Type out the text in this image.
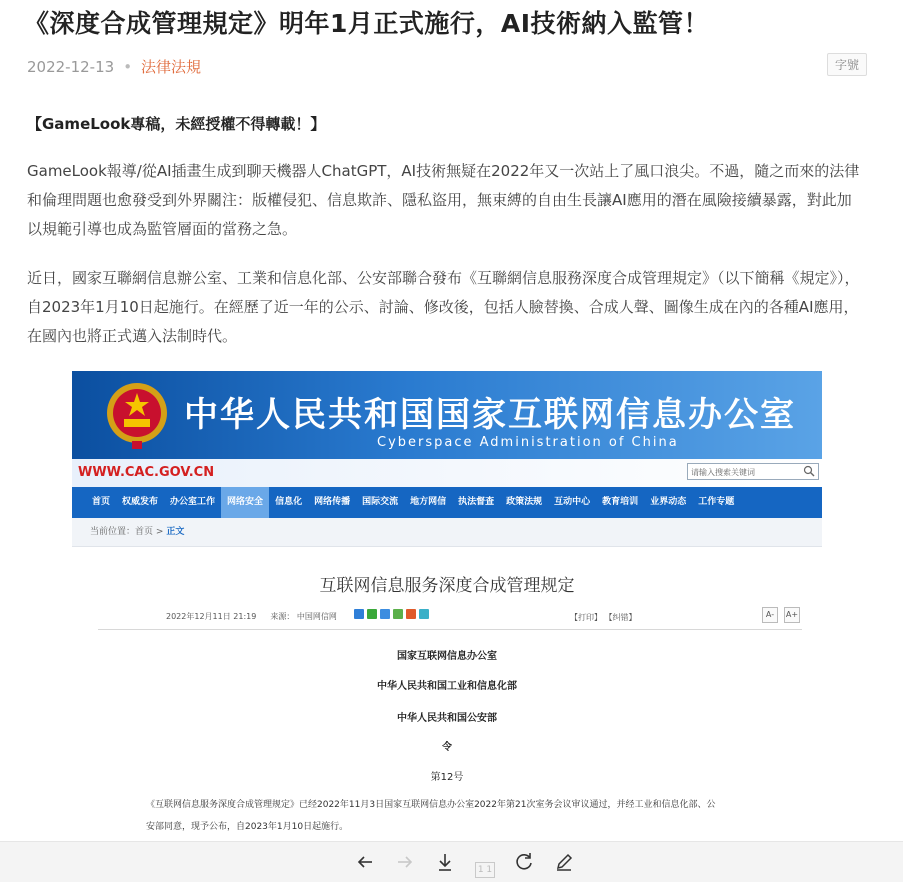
《深度合成管理規定》明年1月正式施行，AI技術納入監管！
2022-12-13 • 法律法規	字號

【GameLook專稿，未經授權不得轉載！】

GameLook報導/從AI插畫生成到聊天機器人ChatGPT，AI技術無疑在2022年又一次站上了風口浪尖。不過，隨之而來的法律和倫理問題也愈發受到外界關注：版權侵犯、信息欺詐、隱私盜用，無束縛的自由生長讓AI應用的潛在風險接續暴露，對此加以規範引導也成為監管層面的當務之急。

近日，國家互聯網信息辦公室、工業和信息化部、公安部聯合發布《互聯網信息服務深度合成管理規定》（以下簡稱《規定》），自2023年1月10日起施行。在經歷了近一年的公示、討論、修改後，包括人臉替換、合成人聲、圖像生成在內的各種AI應用，在國內也將正式邁入法制時代。

中华人民共和国国家互联网信息办公室
Cyberspace Administration of China
WWW.CAC.GOV.CN	请输入搜索关键词
首页	权威发布	办公室工作	网络安全	信息化	网络传播	国际交流	地方网信	执法督查	政策法规	互动中心	教育培训	业界动态	工作专题
当前位置：首页 > 正文
互联网信息服务深度合成管理规定
2022年12月11日 21:19 来源： 中国网信网	【打印】 【纠错】	A-	A+
国家互联网信息办公室
中华人民共和国工业和信息化部
中华人民共和国公安部
令
第12号
《互联网信息服务深度合成管理规定》已经2022年11月3日国家互联网信息办公室2022年第21次室务会议审议通过，并经工业和信息化部、公
安部同意，现予公布，自2023年1月10日起施行。
1 1
